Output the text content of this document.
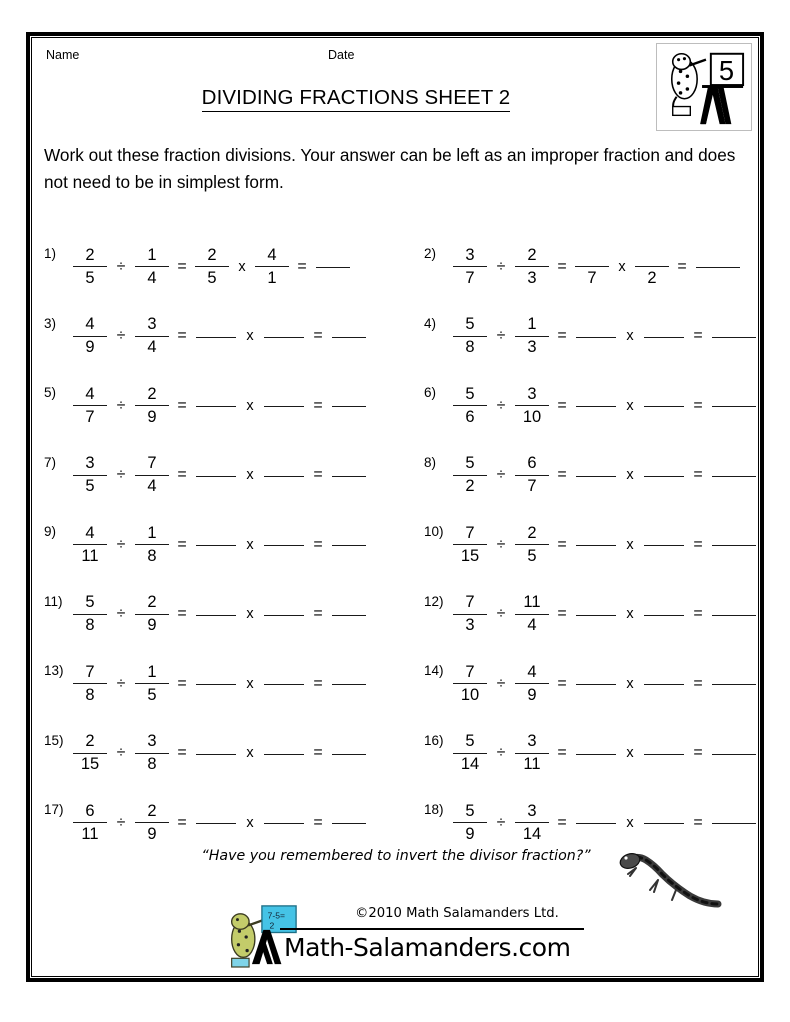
Name	Date
5
DIVIDING FRACTIONS SHEET 2
Work out these fraction divisions. Your answer can be left as an improper fraction and does not need to be in simplest form.
$1) \frac{2}{5} \div \frac{1}{4} = \frac{2}{5}$ x $\frac{4}{1}$ =
$2) \frac{3}{7} \div \frac{2}{3}$ =
7
x
2
=
$3) \frac{4}{9} \div \frac{3}{4}$ =	x	=
$4) \frac{5}{8} \div \frac{1}{3}$ =	x	=
$5) \frac{4}{7} \div \frac{2}{9}$ =	x	=
$6) \frac{5}{6} \div \frac{3}{10}$ =	x	=
$7) \frac{3}{5} \div \frac{7}{4}$ =	x	=
$8) \frac{5}{2} \div \frac{6}{7}$ =	x	=
$9) \frac{4}{11} \div \frac{1}{8}$ =	x	=
$10) \frac{7}{15} \div \frac{2}{5}$ =	x	=
$11) \frac{5}{8} \div \frac{2}{9}$ =	x	=
$12) \frac{7}{3} \div \frac{11}{4}$ =	x	=
$13) \frac{7}{8} \div \frac{1}{5}$ =	x	=
$14) \frac{7}{10} \div \frac{4}{9}$ =	x	=
$15) \frac{2}{15} \div \frac{3}{8}$ =	x	=
$16) \frac{5}{14} \div \frac{3}{11}$ =	x	=
$17) \frac{6}{11} \div \frac{2}{9}$ =	x	=
$18) \frac{5}{9} \div \frac{3}{14}$ =	x	=
“Have you remembered to invert the divisor fraction?”
7-5=
2
©2010 Math Salamanders Ltd.
Math-Salamanders.com
